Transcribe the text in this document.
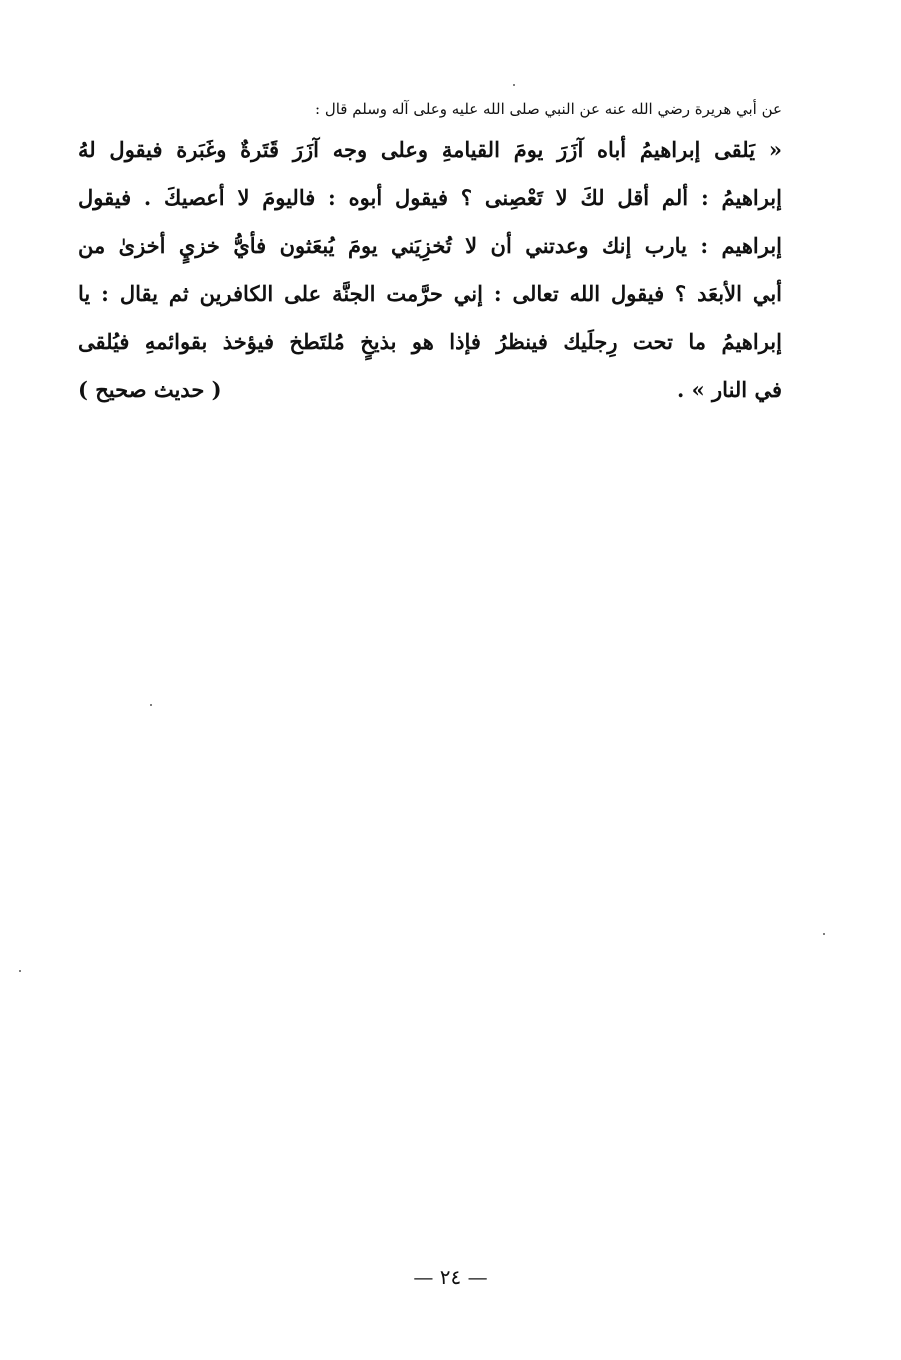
عن أبي هريرة رضي الله عنه عن النبي صلى الله عليه وعلى آله وسلم قال :
« يَلقى إبراهيمُ أباه آزَرَ يومَ القيامةِ وعلى وجه آزَرَ قَتَرةٌ وغَبَرة فيقول لهُ
إبراهيمُ : ألم أقل لكَ لا تَعْصِنى ؟ فيقول أبوه : فاليومَ لا أعصيكَ . فيقول
إبراهيم : يارب إنك وعدتني أن لا تُخزِيَني يومَ يُبعَثون فأيُّ خزيٍ أخزىٰ من
أبي الأبعَد ؟ فيقول الله تعالى : إني حرَّمت الجنَّة على الكافرين ثم يقال : يا
إبراهيمُ ما تحت رِجلَيك فينظرُ فإذا هو بذيخٍ مُلتَطخ فيؤخذ بقوائمهِ فيُلقى
في النار » .
( حديث صحيح )
— ٢٤ —
